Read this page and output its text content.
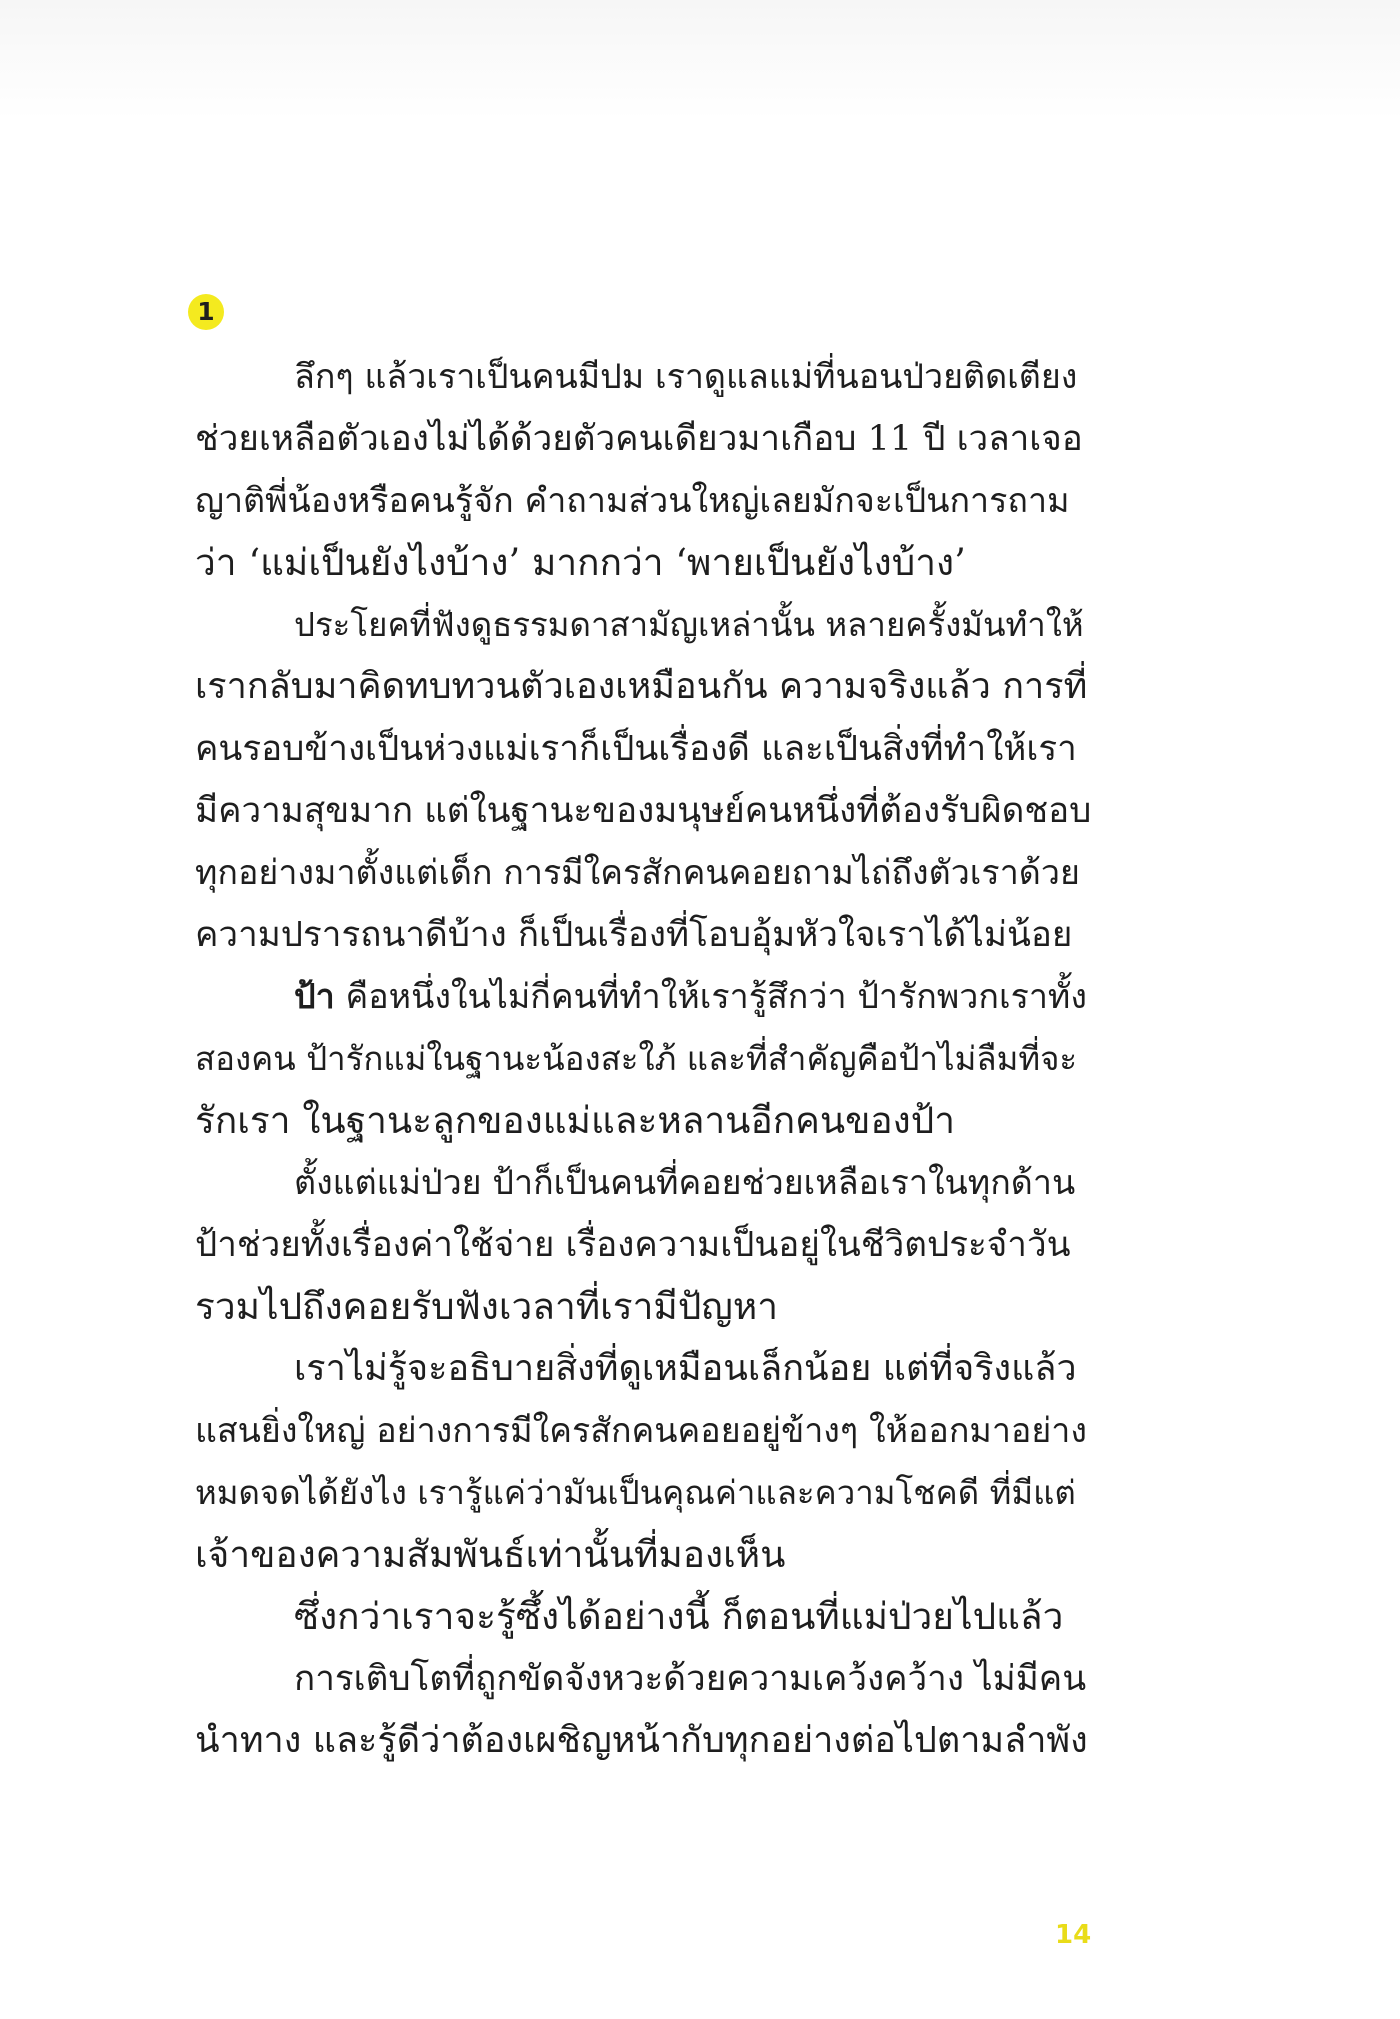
1
ลึกๆ แล้วเราเป็นคนมีปม เราดูแลแม่ที่นอนป่วยติดเตียง
ช่วยเหลือตัวเองไม่ได้ด้วยตัวคนเดียวมาเกือบ 11 ปี เวลาเจอ
ญาติพี่น้องหรือคนรู้จัก คำถามส่วนใหญ่เลยมักจะเป็นการถาม
ว่า ‘แม่เป็นยังไงบ้าง’ มากกว่า ‘พายเป็นยังไงบ้าง’
ประโยคที่ฟังดูธรรมดาสามัญเหล่านั้น หลายครั้งมันทำให้
เรากลับมาคิดทบทวนตัวเองเหมือนกัน ความจริงแล้ว การที่
คนรอบข้างเป็นห่วงแม่เราก็เป็นเรื่องดี และเป็นสิ่งที่ทำให้เรา
มีความสุขมาก แต่ในฐานะของมนุษย์คนหนึ่งที่ต้องรับผิดชอบ
ทุกอย่างมาตั้งแต่เด็ก การมีใครสักคนคอยถามไถ่ถึงตัวเราด้วย
ความปรารถนาดีบ้าง ก็เป็นเรื่องที่โอบอุ้มหัวใจเราได้ไม่น้อย
ป้า คือหนึ่งในไม่กี่คนที่ทำให้เรารู้สึกว่า ป้ารักพวกเราทั้ง
สองคน ป้ารักแม่ในฐานะน้องสะใภ้ และที่สำคัญคือป้าไม่ลืมที่จะ
รักเรา ในฐานะลูกของแม่และหลานอีกคนของป้า
ตั้งแต่แม่ป่วย ป้าก็เป็นคนที่คอยช่วยเหลือเราในทุกด้าน
ป้าช่วยทั้งเรื่องค่าใช้จ่าย เรื่องความเป็นอยู่ในชีวิตประจำวัน
รวมไปถึงคอยรับฟังเวลาที่เรามีปัญหา
เราไม่รู้จะอธิบายสิ่งที่ดูเหมือนเล็กน้อย แต่ที่จริงแล้ว
แสนยิ่งใหญ่ อย่างการมีใครสักคนคอยอยู่ข้างๆ ให้ออกมาอย่าง
หมดจดได้ยังไง เรารู้แค่ว่ามันเป็นคุณค่าและความโชคดี ที่มีแต่
เจ้าของความสัมพันธ์เท่านั้นที่มองเห็น
ซึ่งกว่าเราจะรู้ซึ้งได้อย่างนี้ ก็ตอนที่แม่ป่วยไปแล้ว
การเติบโตที่ถูกขัดจังหวะด้วยความเคว้งคว้าง ไม่มีคน
นำทาง และรู้ดีว่าต้องเผชิญหน้ากับทุกอย่างต่อไปตามลำพัง
14
